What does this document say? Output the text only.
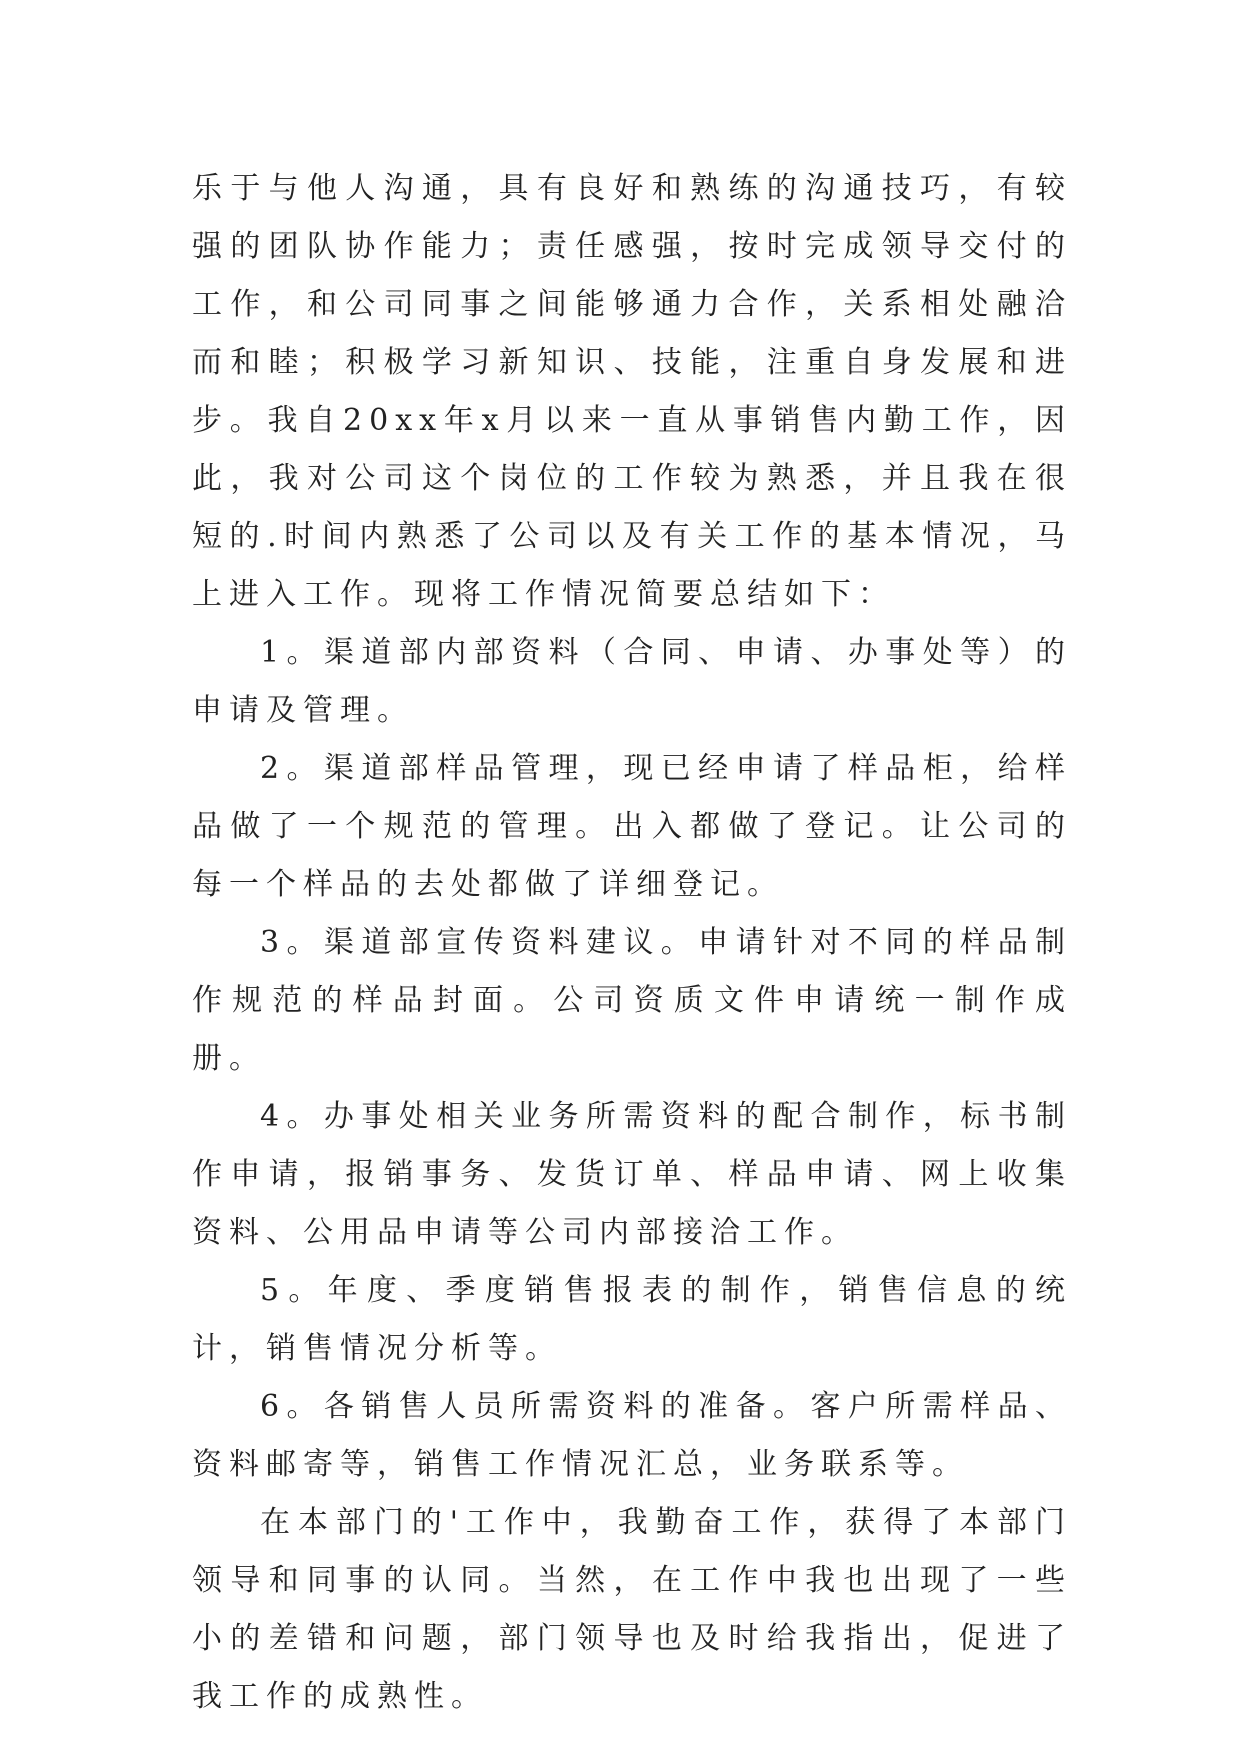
乐于与他人沟通，具有良好和熟练的沟通技巧，有较强的团队协作能力；责任感强，按时完成领导交付的工作，和公司同事之间能够通力合作，关系相处融洽而和睦；积极学习新知识、技能，注重自身发展和进步。我自20xx年x月以来一直从事销售内勤工作，因此，我对公司这个岗位的工作较为熟悉，并且我在很短的.时间内熟悉了公司以及有关工作的基本情况，马上进入工作。现将工作情况简要总结如下：

1。渠道部内部资料（合同、申请、办事处等）的申请及管理。

2。渠道部样品管理，现已经申请了样品柜，给样品做了一个规范的管理。出入都做了登记。让公司的每一个样品的去处都做了详细登记。

3。渠道部宣传资料建议。申请针对不同的样品制作规范的样品封面。公司资质文件申请统一制作成册。

4。办事处相关业务所需资料的配合制作，标书制作申请，报销事务、发货订单、样品申请、网上收集资料、公用品申请等公司内部接洽工作。

5。年度、季度销售报表的制作，销售信息的统计，销售情况分析等。

6。各销售人员所需资料的准备。客户所需样品、资料邮寄等，销售工作情况汇总，业务联系等。

在本部门的'工作中，我勤奋工作，获得了本部门领导和同事的认同。当然，在工作中我也出现了一些小的差错和问题，部门领导也及时给我指出，促进了我工作的成熟性。
